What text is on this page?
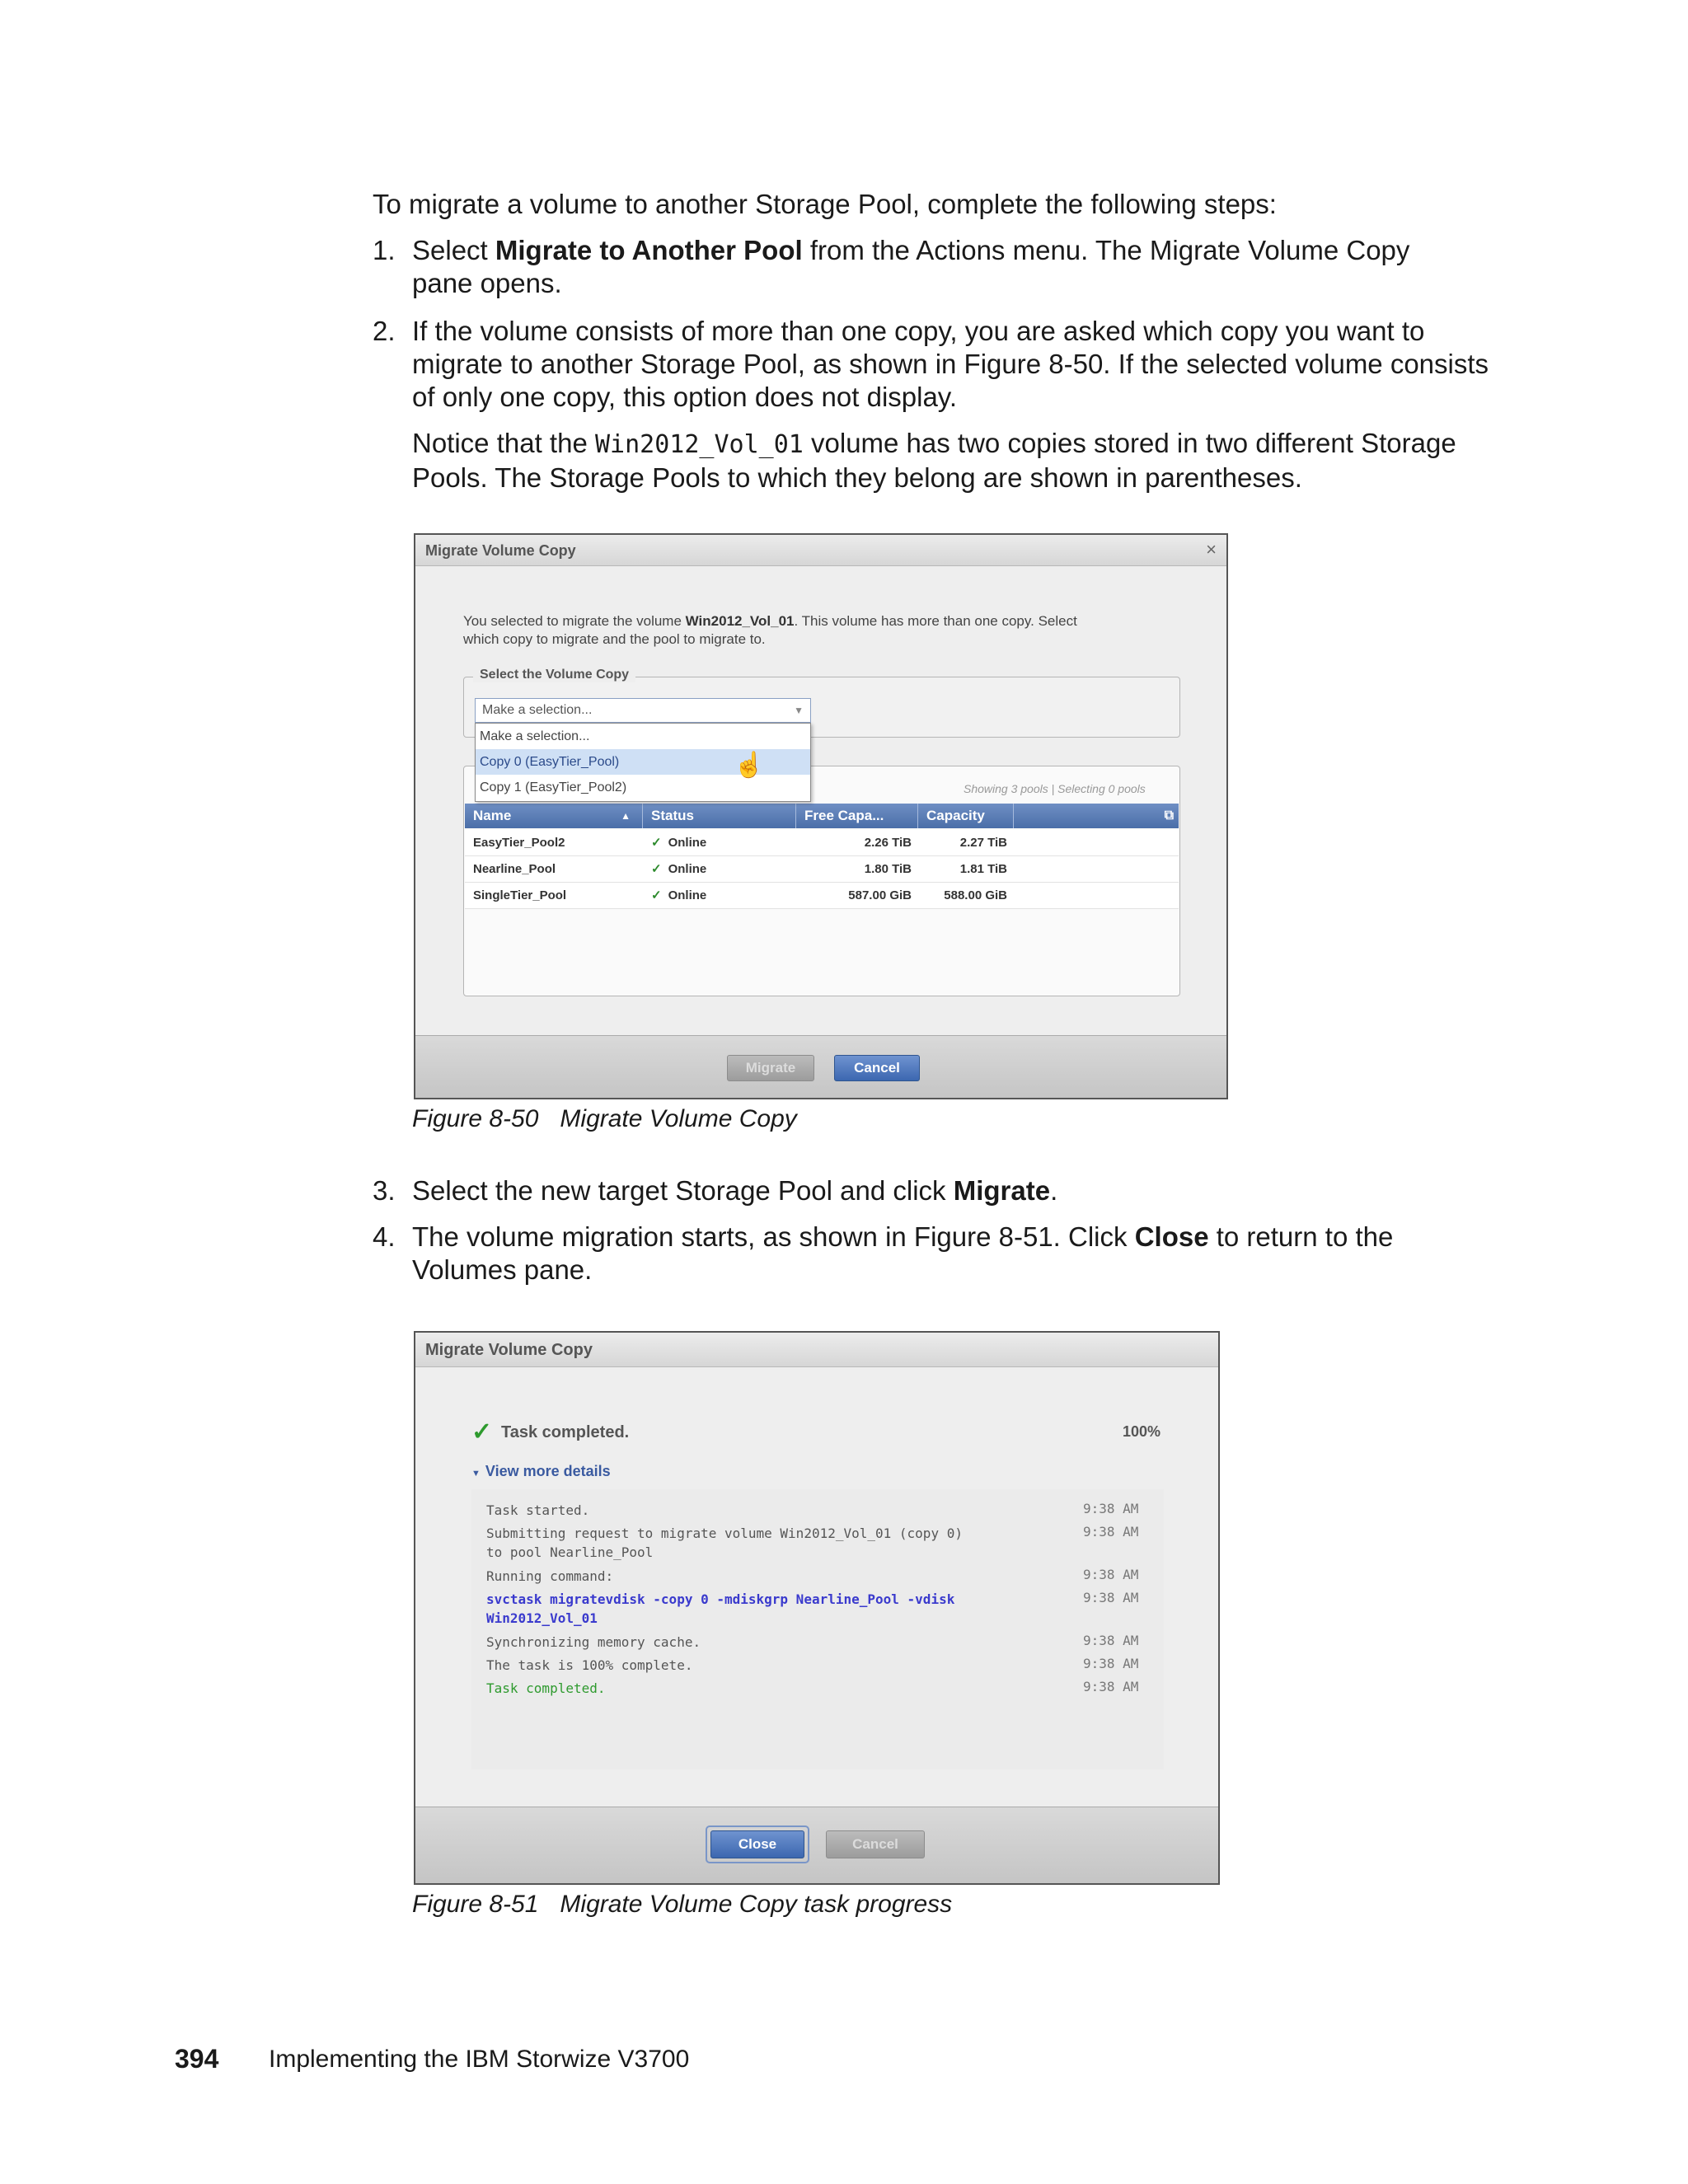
To migrate a volume to another Storage Pool, complete the following steps:
1. Select Migrate to Another Pool from the Actions menu. The Migrate Volume Copy
pane opens.
2. If the volume consists of more than one copy, you are asked which copy you want to
migrate to another Storage Pool, as shown in Figure 8-50. If the selected volume consists
of only one copy, this option does not display.
Notice that the Win2012_Vol_01 volume has two copies stored in two different Storage
Pools. The Storage Pools to which they belong are shown in parentheses.
Migrate Volume Copy	×
You selected to migrate the volume Win2012_Vol_01. This volume has more than one copy. Select
which copy to migrate and the pool to migrate to.
Select the Volume Copy
Make a selection...	▼
Showing 3 pools | Selecting 0 pools
Name	▲	Status	Free Capa...	Capacity	⧉
EasyTier_Pool2	✓ Online	2.26 TiB	2.27 TiB
Nearline_Pool	✓ Online	1.80 TiB	1.81 TiB
SingleTier_Pool	✓ Online	587.00 GiB	588.00 GiB
Make a selection...
Copy 0 (EasyTier_Pool)
Copy 1 (EasyTier_Pool2)
☝
Migrate	Cancel
Figure 8-50 Migrate Volume Copy
3. Select the new target Storage Pool and click Migrate.
4. The volume migration starts, as shown in Figure 8-51. Click Close to return to the
Volumes pane.
Migrate Volume Copy
✓ Task completed.	100%
▼ View more details
Task started.	9:38 AM
Submitting request to migrate volume Win2012_Vol_01 (copy 0)
to pool Nearline_Pool
9:38 AM
Running command:	9:38 AM
svctask migratevdisk -copy 0 -mdiskgrp Nearline_Pool -vdisk
Win2012_Vol_01
9:38 AM
Synchronizing memory cache.	9:38 AM
The task is 100% complete.	9:38 AM
Task completed.	9:38 AM
Close	Cancel
Figure 8-51 Migrate Volume Copy task progress
394 Implementing the IBM Storwize V3700
